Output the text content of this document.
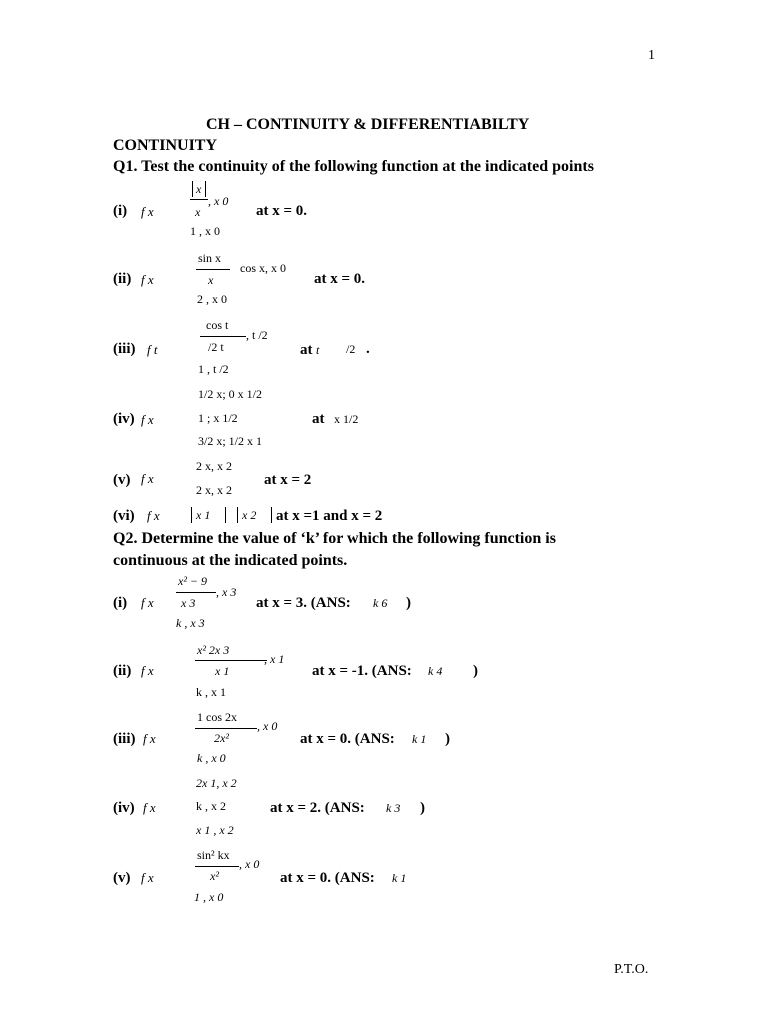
1
CH – CONTINUITY & DIFFERENTIABILTY
CONTINUITY
Q1. Test the continuity of the following function at the indicated points
(i) f x
x
x
, x 0
1 , x 0
at x = 0.
(ii) f x
sin x
x
cos x, x 0
2 , x 0
at x = 0.
(iii) f t
cos t
/2 t
, t /2
1 , t /2
at t /2 .
(iv) f x
1/2 x; 0 x 1/2
1 ; x 1/2
3/2 x; 1/2 x 1
at x 1/2
(v) f x
2 x, x 2
2 x, x 2
at x = 2
(vi) f x	x 1	x 2 at x =1 and x = 2
Q2. Determine the value of ‘k’ for which the following function is
continuous at the indicated points.
(i) f x
x² − 9
x 3
, x 3
k , x 3
at x = 3. (ANS: k 6 )
(ii) f x
x² 2x 3
x 1
, x 1
k , x 1
at x = -1. (ANS: k 4 )
(iii) f x
1 cos 2x
2x²
, x 0
k , x 0
at x = 0. (ANS: k 1 )
(iv) f x
2x 1, x 2
k , x 2
x 1 , x 2
at x = 2. (ANS: k 3 )
(v) f x
sin² kx
x²
, x 0
1 , x 0
at x = 0. (ANS: k 1
P.T.O.
